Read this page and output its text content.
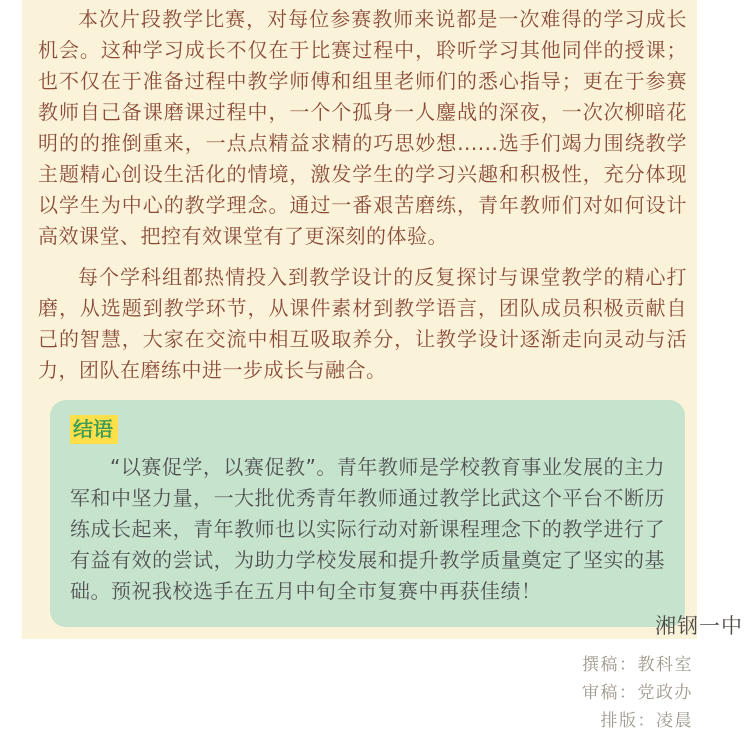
本次片段教学比赛，对每位参赛教师来说都是一次难得的学习成长机会。这种学习成长不仅在于比赛过程中，聆听学习其他同伴的授课；也不仅在于准备过程中教学师傅和组里老师们的悉心指导；更在于参赛教师自己备课磨课过程中，一个个孤身一人鏖战的深夜，一次次柳暗花明的的推倒重来，一点点精益求精的巧思妙想......选手们竭力围绕教学主题精心创设生活化的情境，激发学生的学习兴趣和积极性，充分体现以学生为中心的教学理念。通过一番艰苦磨练，青年教师们对如何设计高效课堂、把控有效课堂有了更深刻的体验。

每个学科组都热情投入到教学设计的反复探讨与课堂教学的精心打磨，从选题到教学环节，从课件素材到教学语言，团队成员积极贡献自己的智慧，大家在交流中相互吸取养分，让教学设计逐渐走向灵动与活力，团队在磨练中进一步成长与融合。

结语

“以赛促学，以赛促教”。青年教师是学校教育事业发展的主力军和中坚力量，一大批优秀青年教师通过教学比武这个平台不断历练成长起来，青年教师也以实际行动对新课程理念下的教学进行了有益有效的尝试，为助力学校发展和提升教学质量奠定了坚实的基础。预祝我校选手在五月中旬全市复赛中再获佳绩！

撰稿：教科室
审稿：党政办
排版：凌晨
湘钢一中
